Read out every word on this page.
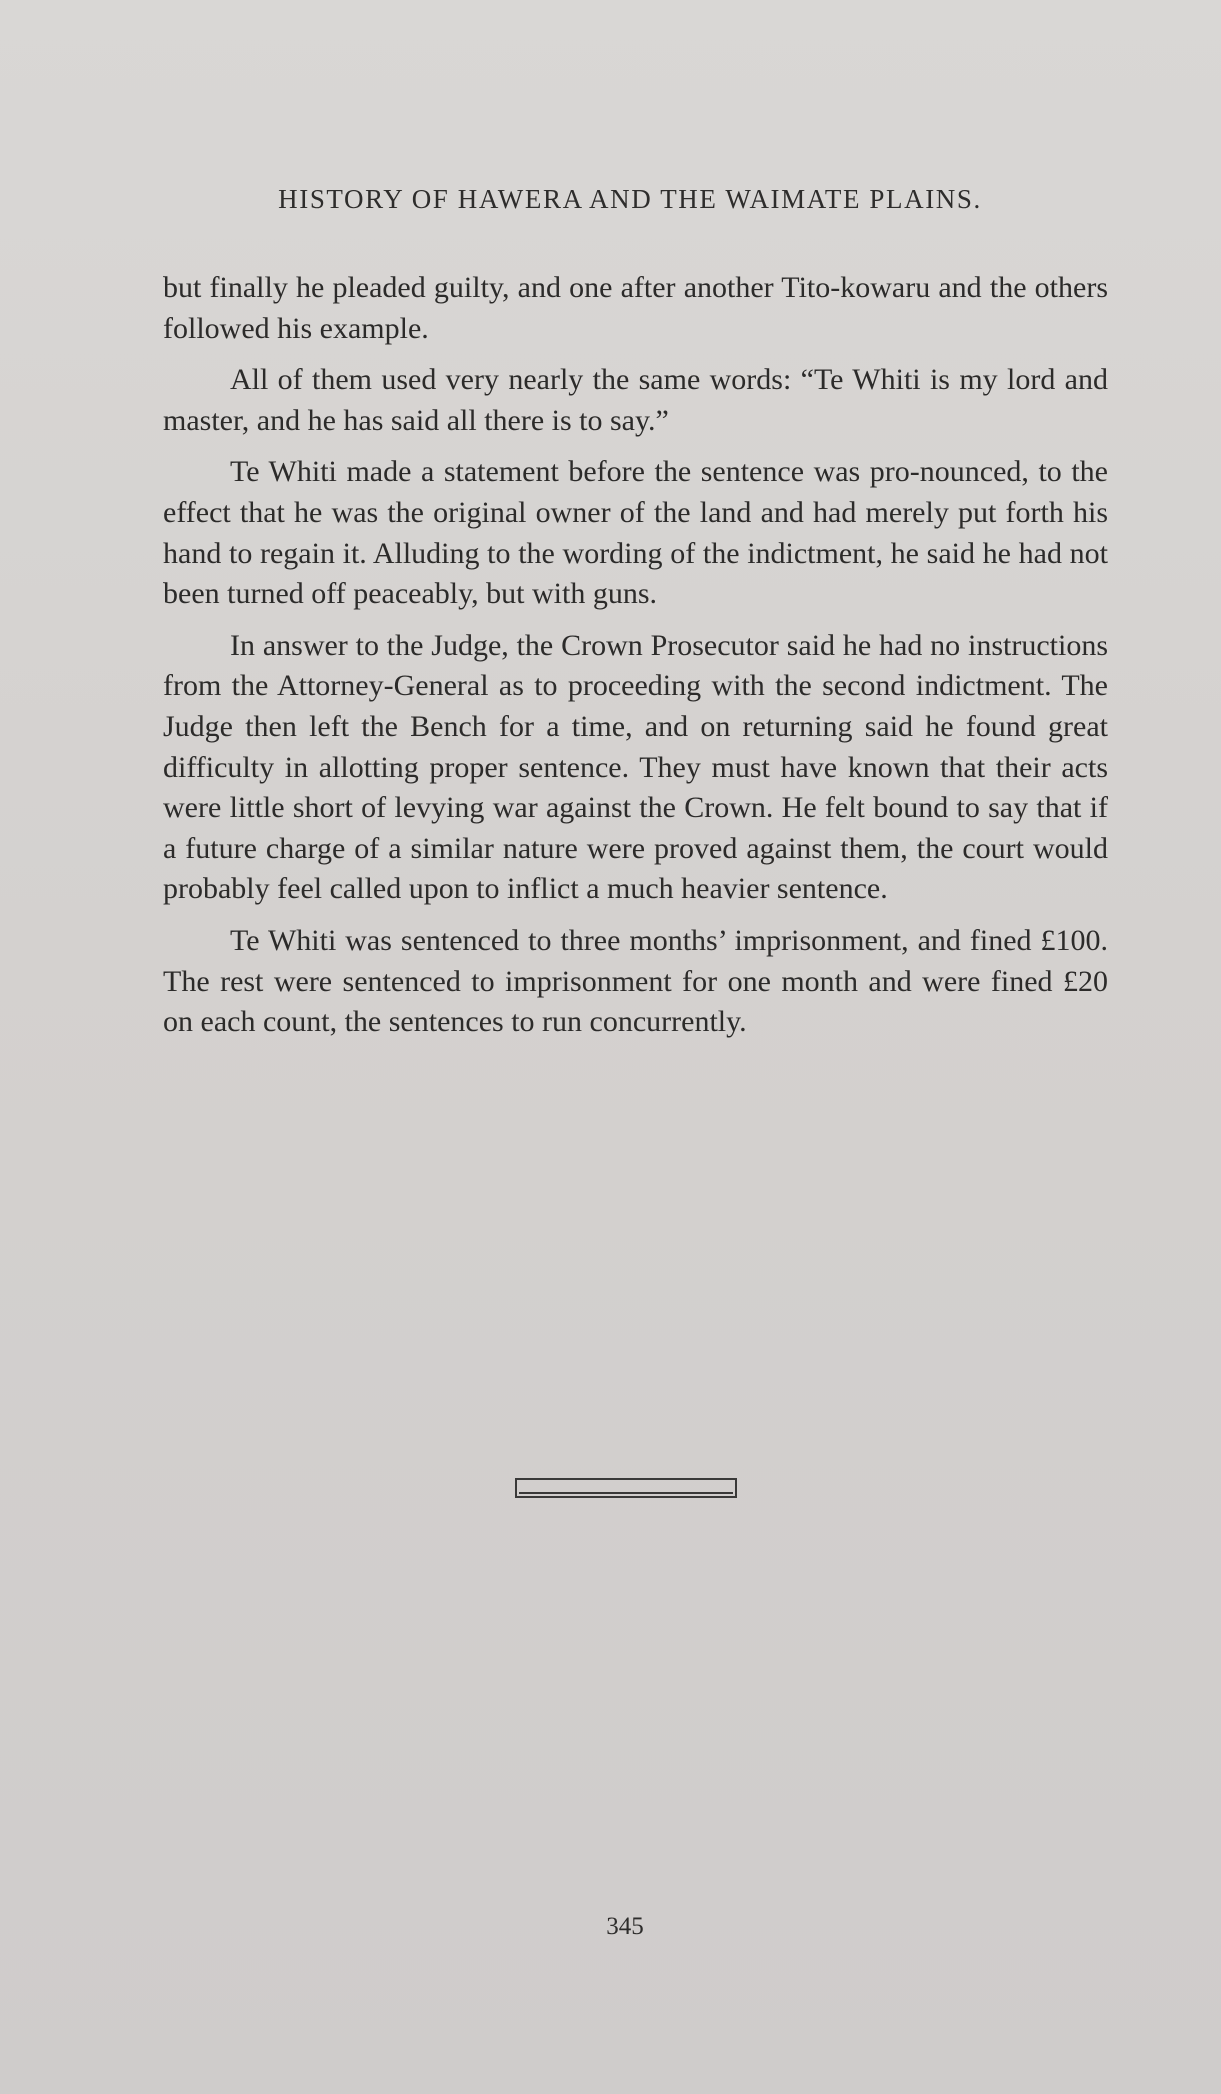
HISTORY OF HAWERA AND THE WAIMATE PLAINS.

but finally he pleaded guilty, and one after another Tito-kowaru and the others followed his example.

All of them used very nearly the same words: “Te Whiti is my lord and master, and he has said all there is to say.”

Te Whiti made a statement before the sentence was pro-nounced, to the effect that he was the original owner of the land and had merely put forth his hand to regain it. Alluding to the wording of the indictment, he said he had not been turned off peaceably, but with guns.

In answer to the Judge, the Crown Prosecutor said he had no instructions from the Attorney-General as to proceeding with the second indictment. The Judge then left the Bench for a time, and on returning said he found great difficulty in allotting proper sentence. They must have known that their acts were little short of levying war against the Crown. He felt bound to say that if a future charge of a similar nature were proved against them, the court would probably feel called upon to inflict a much heavier sentence.

Te Whiti was sentenced to three months’ imprisonment, and fined £100. The rest were sentenced to imprisonment for one month and were fined £20 on each count, the sentences to run concurrently.

345
